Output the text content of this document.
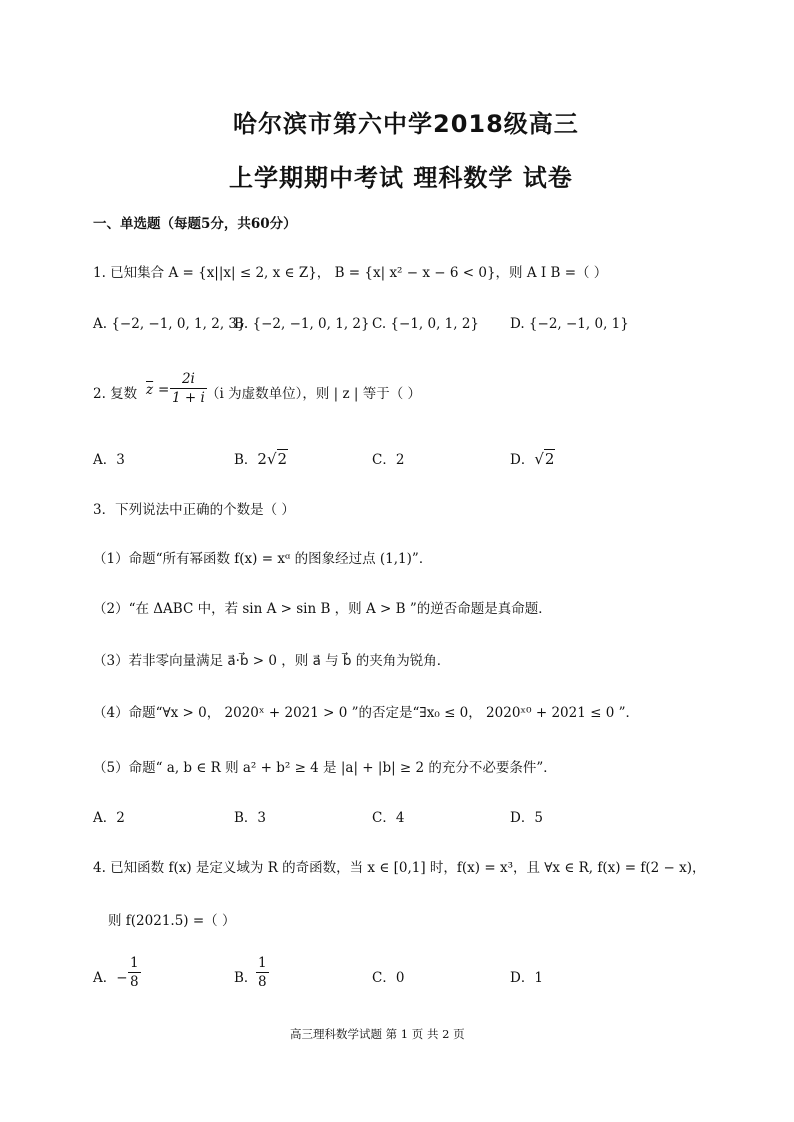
哈尔滨市第六中学2018级高三
上学期期中考试 理科数学 试卷
一、单选题（每题5分，共60分）
1. 已知集合 A = {x||x| ≤ 2, x ∈ Z}， B = {x| x² − x − 6 < 0}，则 A I B =（ ）
A. {−2, −1, 0, 1, 2, 3}
B. {−2, −1, 0, 1, 2} C. {−1, 0, 1, 2} D. {−2, −1, 0, 1}
2. 复数 $\overline{z}$ =
2i
1 + i （i 为虚数单位），则 | z | 等于（ ）
A．3	B．2√2	C．2	D．√2
3．下列说法中正确的个数是（ ）
（1）命题“所有幂函数 f(x) = xᵅ 的图象经过点 (1,1)”．
（2）“在 ΔABC 中，若 sin A > sin B ，则 A > B ”的逆否命题是真命题．
（3）若非零向量满足 a⃗·b⃗ > 0 ，则 a⃗ 与 b⃗ 的夹角为锐角．
（4）命题“∀x > 0， 2020ˣ + 2021 > 0 ”的否定是“∃x₀ ≤ 0， 2020ˣ⁰ + 2021 ≤ 0 ”．
（5）命题“ a, b ∈ R 则 a² + b² ≥ 4 是 |a| + |b| ≥ 2 的充分不必要条件”．
A．2	B．3	C．4	D．5
4. 已知函数 f(x) 是定义域为 R 的奇函数，当 x ∈ [0,1] 时，f(x) = x³，且 ∀x ∈ R, f(x) = f(2 − x)，
则 f(2021.5) =（ ）
A．−
1
8	B．
1
8	C．0	D．1
高三理科数学试题 第 1 页 共 2 页
